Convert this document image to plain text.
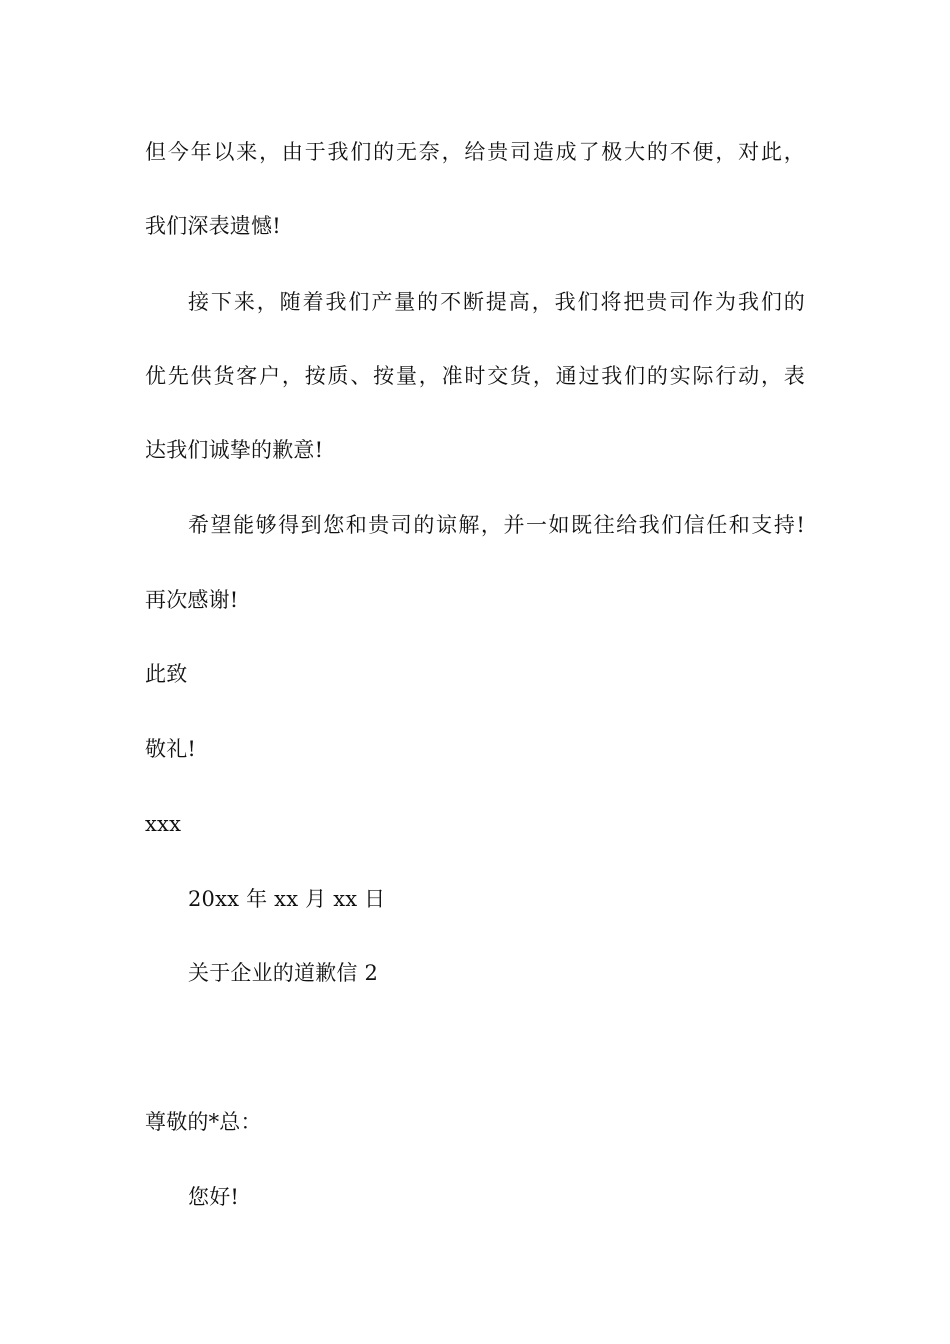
但今年以来，由于我们的无奈，给贵司造成了极大的不便，对此，
我们深表遗憾!
接下来，随着我们产量的不断提高，我们将把贵司作为我们的
优先供货客户，按质、按量，准时交货，通过我们的实际行动，表
达我们诚挚的歉意!
希望能够得到您和贵司的谅解，并一如既往给我们信任和支持!
再次感谢!
此致
敬礼!
xxx
20xx 年 xx 月 xx 日
关于企业的道歉信 2
尊敬的*总：
您好!
